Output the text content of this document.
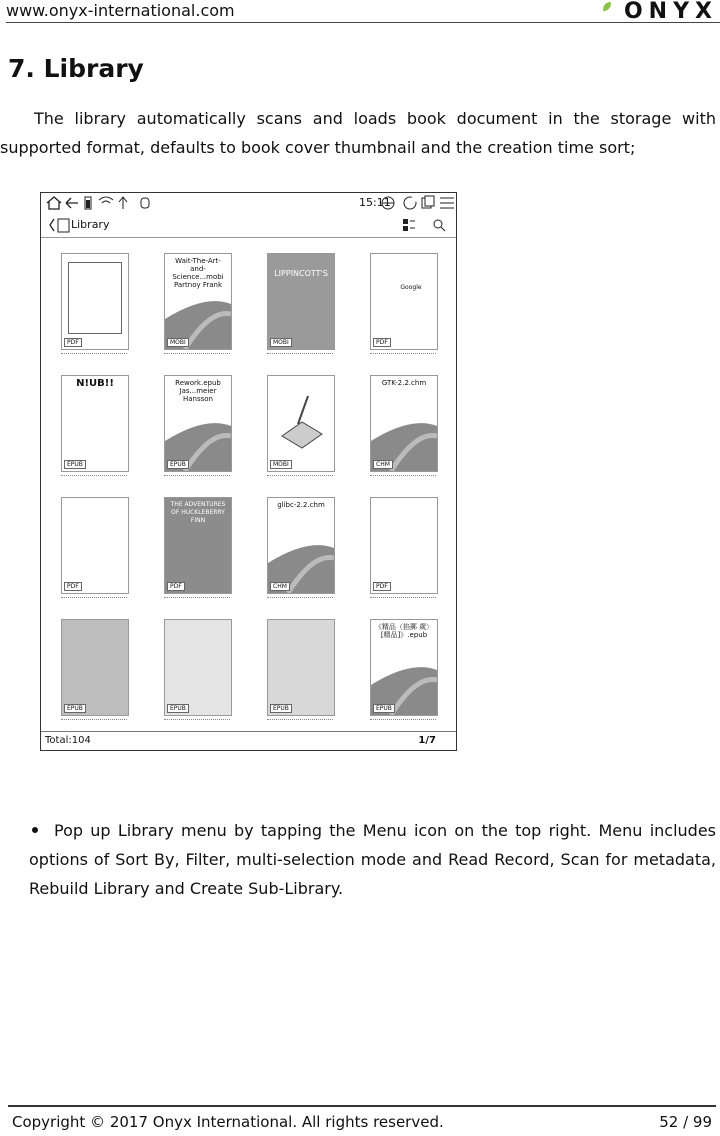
www.onyx-international.com	ONYX
7. Library

The library automatically scans and loads book document in the storage with
supported format, defaults to book cover thumbnail and the creation time sort;

15:11
Library
PDF
Wait-The-Art-and-Science...mobi Partnoy Frank
MOBI
LIPPINCOTT'S
MOBI
Google
PDF
N!UB!!
EPUB
Rework.epub Jas...meier Hansson
EPUB	MOBI
GTK-2.2.chm
CHM
PDF
THE ADVENTURES OF HUCKLEBERRY FINN
PDF
glibc-2.2.chm
CHM	PDF
EPUB	EPUB	EPUB
《精品（掐郵 歲〉[精品]》.epub
EPUB
Total:104	1/7
Pop up Library menu by tapping the Menu icon on the top right. Menu includes
options of Sort By, Filter, multi-selection mode and Read Record, Scan for metadata,
Rebuild Library and Create Sub-Library.
Copyright © 2017 Onyx International. All rights reserved.	52 / 99
